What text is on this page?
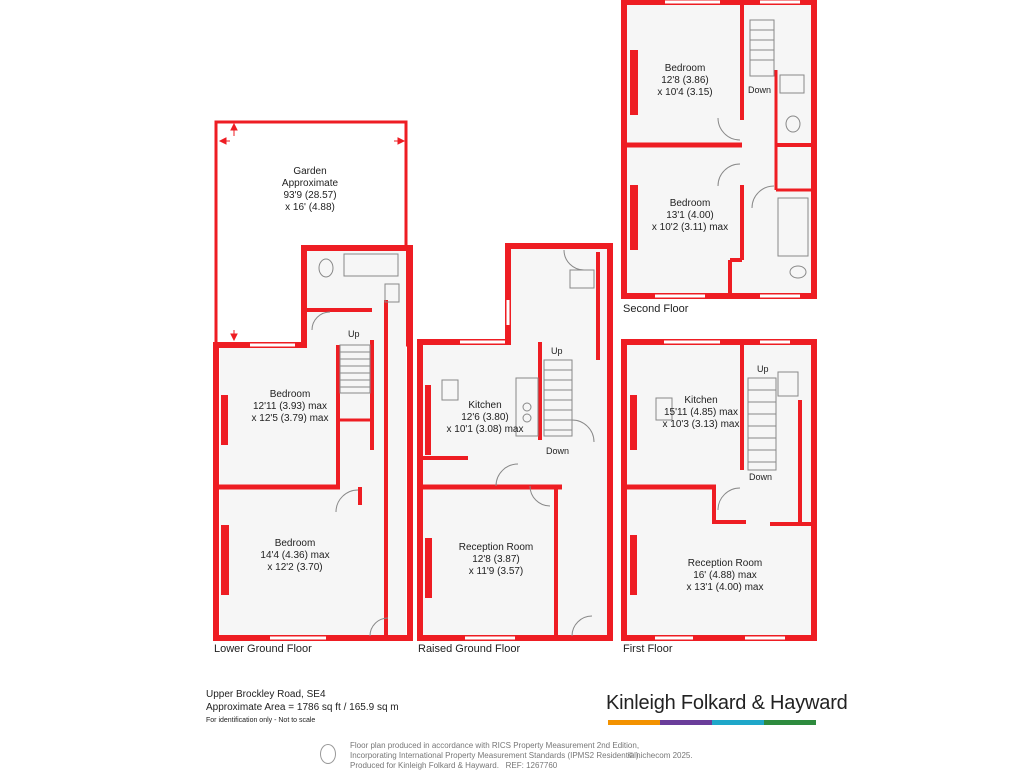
Garden
Approximate
93'9 (28.57)
x 16' (4.88)
Bedroom
12'11 (3.93) max
x 12'5 (3.79) max
Bedroom
14'4 (4.36) max
x 12'2 (3.70)
Kitchen
12'6 (3.80)
x 10'1 (3.08) max
Reception Room
12'8 (3.87)
x 11'9 (3.57)
Bedroom
12'8 (3.86)
x 10'4 (3.15)
Bedroom
13'1 (4.00)
x 10'2 (3.11) max
Kitchen
15'11 (4.85) max
x 10'3 (3.13) max
Reception Room
16' (4.88) max
x 13'1 (4.00) max
Up
Up
Down
Down
Up
Down
Lower Ground Floor	Raised Ground Floor	First Floor
Second Floor
Upper Brockley Road, SE4
Approximate Area = 1786 sq ft / 165.9 sq m
For identification only - Not to scale
Kinleigh Folkard & Hayward
Floor plan produced in accordance with RICS Property Measurement 2nd Edition,
Incorporating International Property Measurement Standards (IPMS2 Residential).
Produced for Kinleigh Folkard & Hayward. REF: 1267760
© nichecom 2025.
